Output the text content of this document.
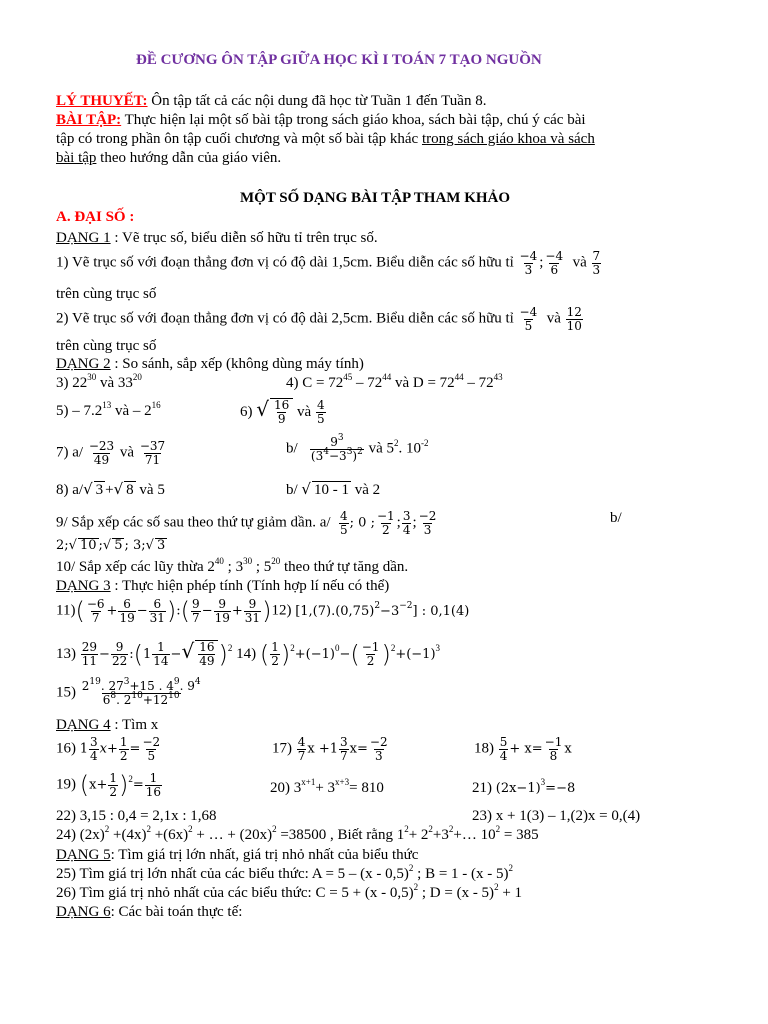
ĐỀ CƯƠNG ÔN TẬP GIỮA HỌC KÌ I TOÁN 7 TẠO NGUỒN
LÝ THUYẾT: Ôn tập tất cả các nội dung đã học từ Tuần 1 đến Tuần 8.
BÀI TẬP: Thực hiện lại một số bài tập trong sách giáo khoa, sách bài tập, chú ý các bài
tập có trong phần ôn tập cuối chương và một số bài tập khác trong sách giáo khoa và sách
bài tập theo hướng dẫn của giáo viên.
MỘT SỐ DẠNG BÀI TẬP THAM KHẢO
A. ĐẠI SỐ :
DẠNG 1 : Vẽ trục số, biểu diễn số hữu tỉ trên trục số.
1) Vẽ trục số với đoạn thẳng đơn vị có độ dài 1,5cm. Biểu diễn các số hữu tỉ $\frac{-4}{3}$ ; $\frac{-4}{6}$ và $\frac{7}{3}$
trên cùng trục số
2) Vẽ trục số với đoạn thẳng đơn vị có độ dài 2,5cm. Biểu diễn các số hữu tỉ $\frac{-4}{5}$ và $\frac{12}{10}$
trên cùng trục số
DẠNG 2 : So sánh, sắp xếp (không dùng máy tính)
3) $22^{30}$ và $33^{20}$	4) $C = 72^{45} - 72^{44}$ và $D = 72^{44} - 72^{43}$
$5) - 7.2^{13}$ và – $2^{16}$	6) √ $\frac{16}{9}$ và $\frac{4}{5}$
7) $a/ \frac{-23}{49}$ và $\frac{-37}{71}$	$b/ \frac{9^3}{(3^4-3^3)^2}$ và $5^2$. $10^{-2}$
8) a/√ 3 +√ 8 và 5	b/ √ 10 - 1 và 2
9/ Sắp xếp các số sau theo thứ tự giảm dần. $a/ \frac{4}{5}$ ; 0 ; $\frac{-1}{2}$ ; $\frac{3}{4}$ ; $\frac{-2}{3}$	b/
2;√ 10 ;√ 5 ; 3;√ 3
10/ Sắp xếp các lũy thừa $2^{40}$ ; $3^{30}$ ; $5^{20}$ theo thứ tự tăng dần.
DẠNG 3 : Thực hiện phép tính (Tính hợp lí nếu có thể)
$11)( \frac{-6}{7} + \frac{6}{19} - \frac{6}{31}$ ):( $\frac{9}{7} - \frac{9}{19} + \frac{9}{31} )12$) $[1,(7).(0,75)^2-3^{-2}]$ : 0,1(4)
$13) \frac{29}{11} - \frac{9}{22}$ :(1 $\frac{1}{14}$ −√ $\frac{16}{49} )^2$ 14) ( $\frac{1}{2} )^2+(-1)^0-( \frac{-1}{2} )^2+(-1)^3$
$15) \frac{2^{19}. 27^3+15 . 4^9. 9^4}{6^8. 2^{10}+12^{10}}$
DẠNG 4 : Tìm x
16) $1 \frac{3}{4} x+ \frac{1}{2} = \frac{-2}{5}$	$17) \frac{4}{7}$ $x +1 \frac{3}{7} x= \frac{-2}{3}$	$18) \frac{5}{4} + x= \frac{-1}{8}$ x
19) $(x+ \frac{1}{2} )^2= \frac{1}{16}$	20) $3^{x+1}+ 3^{x+3}= 810$	21) $(2x-1)^3=-8$
22) 3,15 : 0,4 = 2,1x : 1,68	23) x + 1(3) – 1,(2)x = 0,(4)
24) $(2x)^2 +(4x)^2 +(6x)^2$ + … + $(20x)^2 =38500$ , Biết rằng $1^2+$ $2^2+3^2+\dots$ $10^2 = 385$
DẠNG 5: Tìm giá trị lớn nhất, giá trị nhỏ nhất của biểu thức
25) Tìm giá trị lớn nhất của các biểu thức: A = 5 – (x - 0,5)$^2$ ; B = 1 - (x - 5)$^2$
26) Tìm giá trị nhỏ nhất của các biểu thức: C = 5 + (x - 0,5)$^2$ ; D = (x - 5)$^2$ + 1
DẠNG 6: Các bài toán thực tế:
